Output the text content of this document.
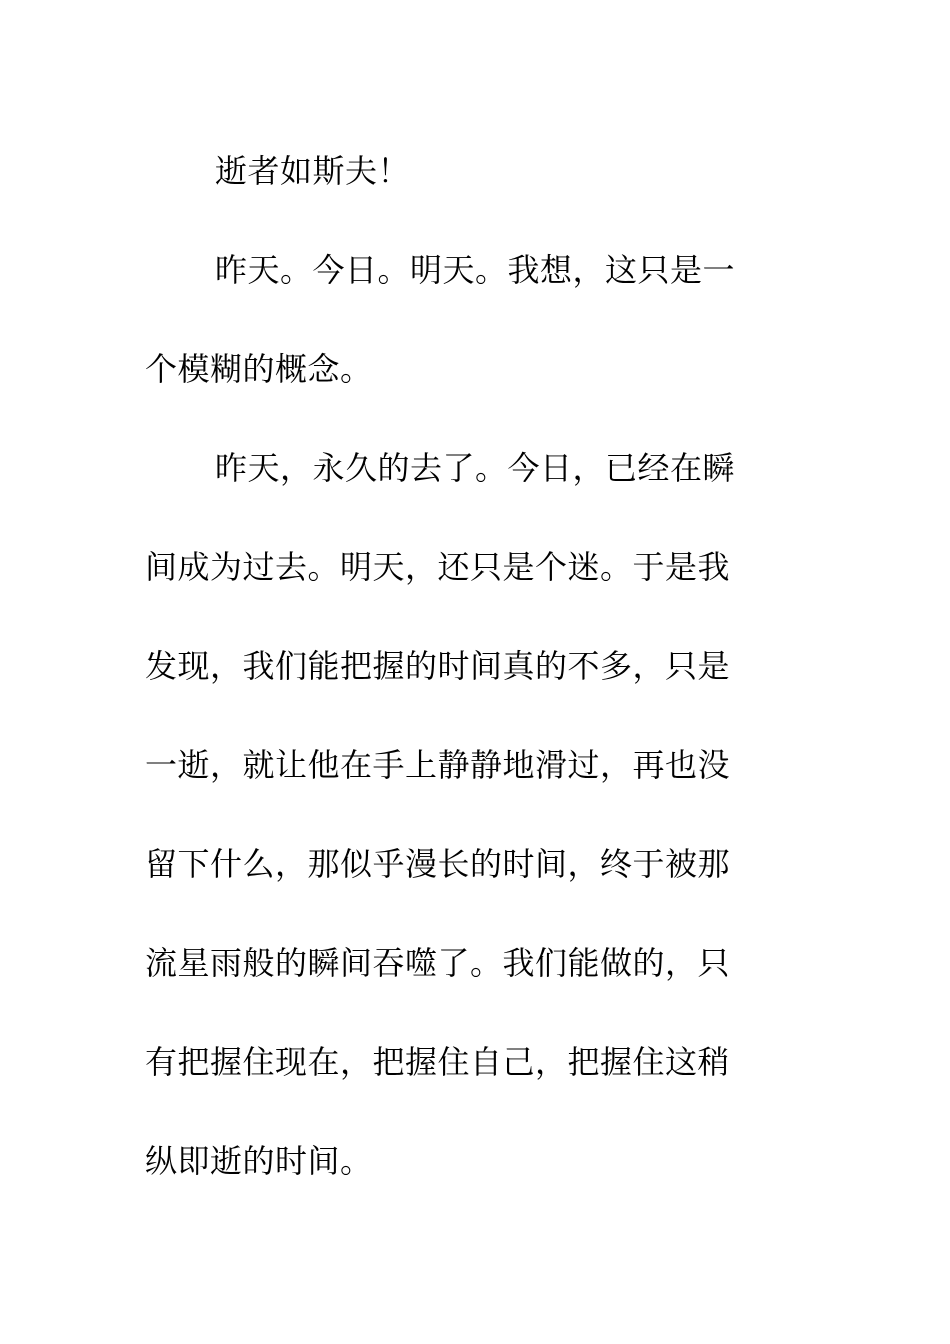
逝者如斯夫！

昨天。今日。明天。我想，这只是一
个模糊的概念。

昨天，永久的去了。今日，已经在瞬
间成为过去。明天，还只是个迷。于是我
发现，我们能把握的时间真的不多，只是
一逝，就让他在手上静静地滑过，再也没
留下什么，那似乎漫长的时间，终于被那
流星雨般的瞬间吞噬了。我们能做的，只
有把握住现在，把握住自己，把握住这稍
纵即逝的时间。
